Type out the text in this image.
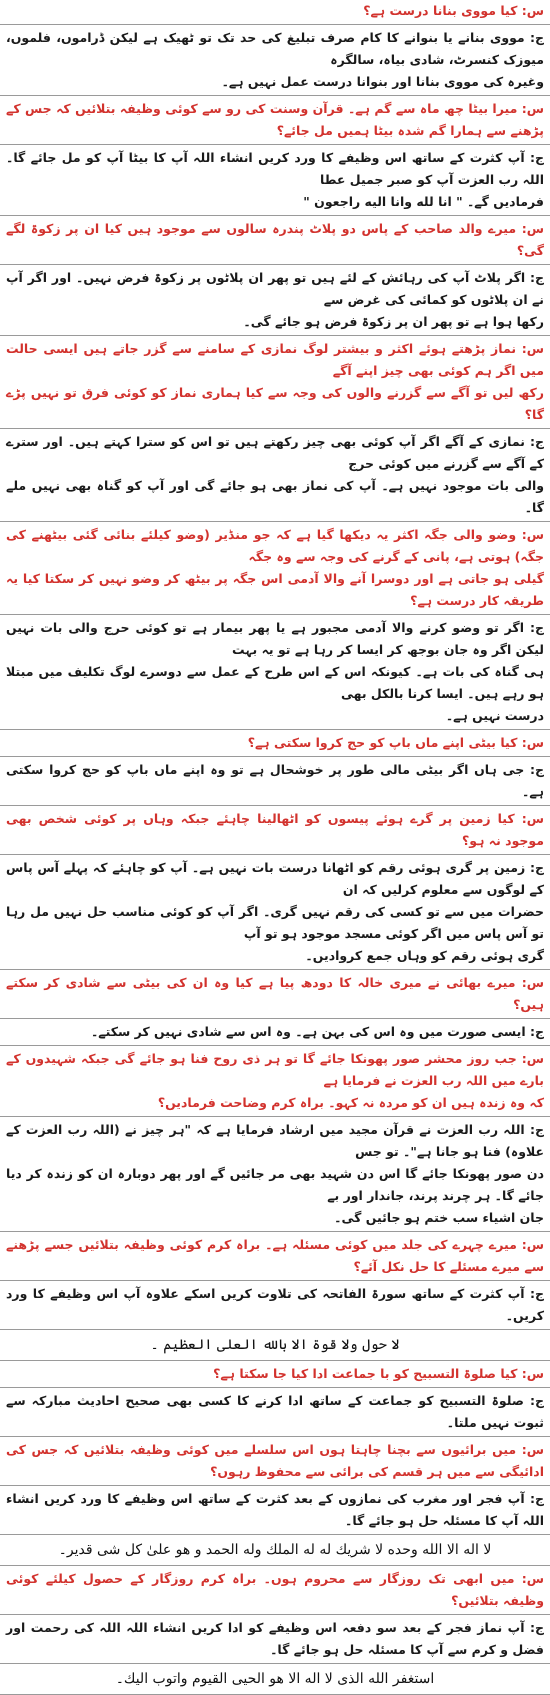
س: کیا مووی بنانا درست ہے؟

ج: مووی بنانے یا بنوانے کا کام صرف تبلیغ کی حد تک تو ٹھیک ہے لیکن ڈراموں، فلموں، میوزک کنسرٹ، شادی بیاہ، سالگرہ

وغیرہ کی مووی بنانا اور بنوانا درست عمل نہیں ہے۔

س: میرا بیٹا چھ ماہ سے گم ہے۔ قرآن وسنت کی رو سے کوئی وظیفہ بتلائیں کہ جس کے پڑھنے سے ہمارا گم شدہ بیٹا ہمیں مل جائے؟

ج: آپ کثرت کے ساتھ اس وظیفے کا ورد کریں انشاء اللہ آپ کا بیٹا آپ کو مل جائے گا۔ اللہ رب العزت آپ کو صبر جمیل عطا

فرمادیں گے۔ " انا لله وانا اليه راجعون "

س: میرے والد صاحب کے پاس دو پلاٹ پندرہ سالوں سے موجود ہیں کیا ان پر زکوۃ لگے گی؟

ج: اگر پلاٹ آپ کی رہائش کے لئے ہیں تو پھر ان پلاٹوں پر زکوۃ فرض نہیں۔ اور اگر آپ نے ان پلاٹوں کو کمائی کی غرض سے

رکھا ہوا ہے تو پھر ان پر زکوۃ فرض ہو جائے گی۔

س: نماز پڑھتے ہوئے اکثر و بیشتر لوگ نمازی کے سامنے سے گزر جاتے ہیں ایسی حالت میں اگر ہم کوئی بھی چیز اپنے آگے

رکھ لیں تو آگے سے گزرنے والوں کی وجہ سے کیا ہماری نماز کو کوئی فرق تو نہیں پڑے گا؟

ج: نمازی کے آگے اگر آپ کوئی بھی چیز رکھتے ہیں تو اس کو سترا کہتے ہیں۔ اور سترے کے آگے سے گزرنے میں کوئی حرج

والی بات موجود نہیں ہے۔ آپ کی نماز بھی ہو جائے گی اور آپ کو گناہ بھی نہیں ملے گا۔

س: وضو والی جگہ اکثر یہ دیکھا گیا ہے کہ جو منڈیر (وضو کیلئے بنائی گئی بیٹھنے کی جگہ) ہوتی ہے، پانی کے گرنے کی وجہ سے وہ جگہ

گیلی ہو جاتی ہے اور دوسرا آنے والا آدمی اس جگہ پر بیٹھ کر وضو نہیں کر سکتا کیا یہ طریقہ کار درست ہے؟

ج: اگر تو وضو کرنے والا آدمی مجبور ہے یا پھر بیمار ہے تو کوئی حرج والی بات نہیں لیکن اگر وہ جان بوجھ کر ایسا کر رہا ہے تو یہ بہت

ہی گناہ کی بات ہے۔ کیونکہ اس کے اس طرح کے عمل سے دوسرے لوگ تکلیف میں مبتلا ہو رہے ہیں۔ ایسا کرنا بالکل بھی

درست نہیں ہے۔

س: کیا بیٹی اپنے ماں باپ کو حج کروا سکتی ہے؟

ج: جی ہاں اگر بیٹی مالی طور پر خوشحال ہے تو وہ اپنے ماں باپ کو حج کروا سکتی ہے۔

س: کیا زمین پر گرے ہوئے پیسوں کو اٹھالینا چاہئے جبکہ وہاں پر کوئی شخص بھی موجود نہ ہو؟

ج: زمین پر گری ہوئی رقم کو اٹھانا درست بات نہیں ہے۔ آپ کو چاہئے کہ پہلے آس پاس کے لوگوں سے معلوم کرلیں کہ ان

حضرات میں سے تو کسی کی رقم نہیں گری۔ اگر آپ کو کوئی مناسب حل نہیں مل رہا تو آس پاس میں اگر کوئی مسجد موجود ہو تو آپ

گری ہوئی رقم کو وہاں جمع کروادیں۔

س: میرے بھائی نے میری خالہ کا دودھ پیا ہے کیا وہ ان کی بیٹی سے شادی کر سکتے ہیں؟

ج: ایسی صورت میں وہ اس کی بہن ہے۔ وہ اس سے شادی نہیں کر سکتے۔

س: جب روز محشر صور پھونکا جائے گا تو ہر ذی روح فنا ہو جائے گی جبکہ شہیدوں کے بارے میں اللہ رب العزت نے فرمایا ہے

کہ وہ زندہ ہیں ان کو مردہ نہ کہو۔ براہ کرم وضاحت فرمادیں؟

ج: اللہ رب العزت نے قرآن مجید میں ارشاد فرمایا ہے کہ "ہر چیز نے (اللہ رب العزت کے علاوہ) فنا ہو جانا ہے"۔ تو جس

دن صور پھونکا جائے گا اس دن شہید بھی مر جائیں گے اور پھر دوبارہ ان کو زندہ کر دیا جائے گا۔ ہر چرند پرند، جاندار اور بے

جان اشیاء سب ختم ہو جائیں گی۔

س: میرے چہرے کی جلد میں کوئی مسئلہ ہے۔ براہ کرم کوئی وظیفہ بتلائیں جسے پڑھنے سے میرے مسئلے کا حل نکل آئے؟

ج: آپ کثرت کے ساتھ سورۃ الفاتحہ کی تلاوت کریں اسکے علاوہ آپ اس وظیفے کا ورد کریں۔

لا حول ولا قوة الا بالله العلى العظيم ۔

س: کیا صلوۃ التسبیح کو با جماعت ادا کیا جا سکتا ہے؟

ج: صلوۃ التسبیح کو جماعت کے ساتھ ادا کرنے کا کسی بھی صحیح احادیث مبارکہ سے ثبوت نہیں ملتا۔

س: میں برائیوں سے بچنا چاہتا ہوں اس سلسلے میں کوئی وظیفہ بتلائیں کہ جس کی ادائیگی سے میں ہر قسم کی برائی سے محفوظ رہوں؟

ج: آپ فجر اور مغرب کی نمازوں کے بعد کثرت کے ساتھ اس وظیفے کا ورد کریں انشاء اللہ آپ کا مسئلہ حل ہو جائے گا۔

لا اله الا الله وحده لا شريك له له الملك وله الحمد و هو علىٰ كل شى قدير۔

س: میں ابھی تک روزگار سے محروم ہوں۔ براہ کرم روزگار کے حصول کیلئے کوئی وظیفہ بتلائیں؟

ج: آپ نماز فجر کے بعد سو دفعہ اس وظیفے کو ادا کریں انشاء اللہ اللہ کی رحمت اور فضل و کرم سے آپ کا مسئلہ حل ہو جائے گا۔

استغفر الله الذى لا اله الا هو الحيى القيوم واتوب اليك۔
